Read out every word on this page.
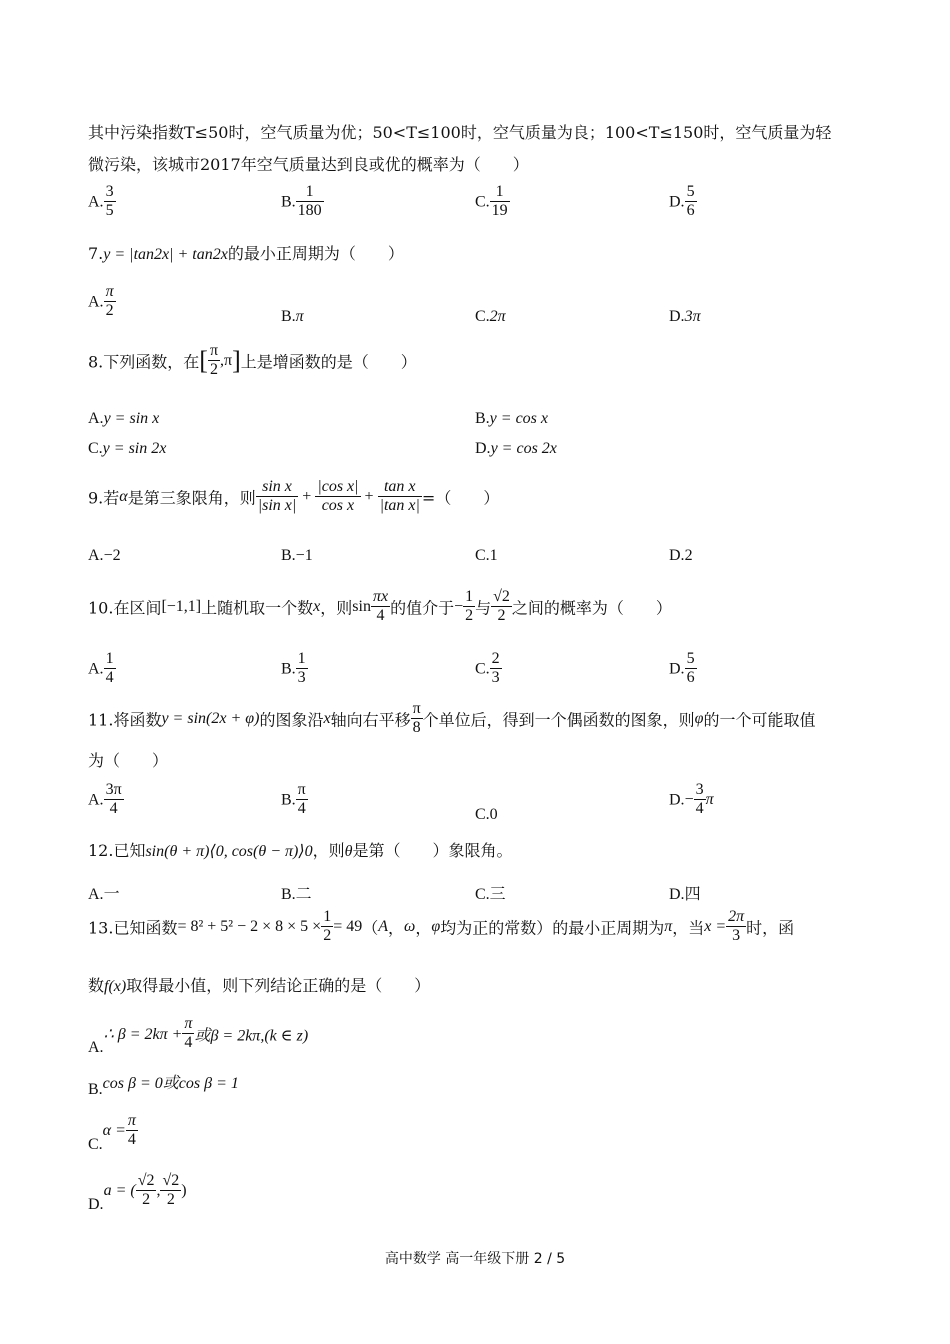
其中污染指数T≤50时，空气质量为优；50<T≤100时，空气质量为良；100<T≤150时，空气质量为轻
微污染，该城市2017年空气质量达到良或优的概率为（　　）
A. $\frac{3}{5}$	B. $\frac{1}{180}$	C. $\frac{1}{19}$	D. $\frac{5}{6}$
7.y = |tan2x| + tan2x的最小正周期为（　　）
A. $\frac{\pi}{2}$	B.π	C.2π	D.3π
8.下列函数，在[ $\frac{\pi}{2} ,\pi$]上是增函数的是（　　）
A.y = sin x	B.y = cos x
C.y = sin 2x	D.y = cos 2x
9.若α是第三象限角，则 $\frac{\text{sin x}}{\text{|sin x|}} + \frac{\text{|cos x|}}{\text{cos x}} + \frac{\text{tan x}}{\text{|tan x|}}$ =（　　）
A.−2	B.−1	C.1	D.2
10.在区间[−1,1]上随机取一个数x，则$\sin \frac{\pi x}{4}$ 的值介于− $\frac{1}{2}$ 与 $\frac{√2}{2}$ 之间的概率为（　　）
A. $\frac{1}{4}$	B. $\frac{1}{3}$	C. $\frac{2}{3}$	D. $\frac{5}{6}$
11.将函数y = sin(2x + φ)的图象沿x轴向右平移 $\frac{\pi}{8}$ 个单位后，得到一个偶函数的图象，则φ的一个可能取值
为（　　）
A. $\frac{3\pi}{4}$	B. $\frac{\pi}{4}$	C.0
$D.- \frac{3}{4}$ π
12.已知sin(θ + π)⟨0, cos(θ − π)⟩0，则θ是第（　　）象限角。
A.一	B.二	C.三	D.四
13.已知函数= $8^2 + 5^2 - 2 \times 8 \times 5 \times \frac{1}{2} = 49(A$，ω，φ均为正的常数）的最小正周期为π，当$x = \frac{2\pi}{3}$ 时，函
数f(x)取得最小值，则下列结论正确的是（　　）
A.∴ $\beta = 2k\pi + \frac{\pi}{4}$ 或β = 2kπ,(k ∈ z)
B.cos β = 0或cos β = 1
$C.\alpha = \frac{\pi}{4}$
D.a = ( $\frac{√2}{2}$ , $\frac{√2}{2}$ )
高中数学 高一年级下册 2 / 5
